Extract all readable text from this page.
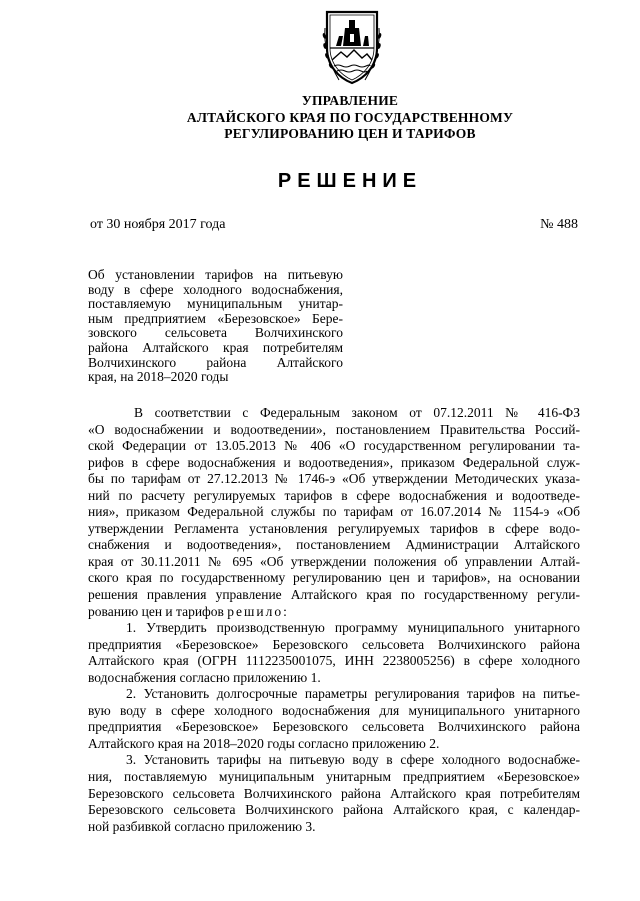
УПРАВЛЕНИЕ
АЛТАЙСКОГО КРАЯ ПО ГОСУДАРСТВЕННОМУ
РЕГУЛИРОВАНИЮ ЦЕН И ТАРИФОВ
РЕШЕНИЕ
от 30 ноября 2017 года	№ 488
Об установлении тарифов на питьевую
воду в сфере холодного водоснабжения,
поставляемую муниципальным унитар-
ным предприятием «Березовское» Бере-
зовского сельсовета Волчихинского
района Алтайского края потребителям
Волчихинского района Алтайского
края, на 2018–2020 годы
В соответствии с Федеральным законом от 07.12.2011 № 416-ФЗ
«О водоснабжении и водоотведении», постановлением Правительства Россий-
ской Федерации от 13.05.2013 № 406 «О государственном регулировании та-
рифов в сфере водоснабжения и водоотведения», приказом Федеральной служ-
бы по тарифам от 27.12.2013 № 1746-э «Об утверждении Методических указа-
ний по расчету регулируемых тарифов в сфере водоснабжения и водоотведе-
ния», приказом Федеральной службы по тарифам от 16.07.2014 № 1154-э «Об
утверждении Регламента установления регулируемых тарифов в сфере водо-
снабжения и водоотведения», постановлением Администрации Алтайского
края от 30.11.2011 № 695 «Об утверждении положения об управлении Алтай-
ского края по государственному регулированию цен и тарифов», на основании
решения правления управление Алтайского края по государственному регули-
рованию цен и тарифов решило:
1. Утвердить производственную программу муниципального унитарного
предприятия «Березовское» Березовского сельсовета Волчихинского района
Алтайского края (ОГРН 1112235001075, ИНН 2238005256) в сфере холодного
водоснабжения согласно приложению 1.
2. Установить долгосрочные параметры регулирования тарифов на питье-
вую воду в сфере холодного водоснабжения для муниципального унитарного
предприятия «Березовское» Березовского сельсовета Волчихинского района
Алтайского края на 2018–2020 годы согласно приложению 2.
3. Установить тарифы на питьевую воду в сфере холодного водоснабже-
ния, поставляемую муниципальным унитарным предприятием «Березовское»
Березовского сельсовета Волчихинского района Алтайского края потребителям
Березовского сельсовета Волчихинского района Алтайского края, с календар-
ной разбивкой согласно приложению 3.
